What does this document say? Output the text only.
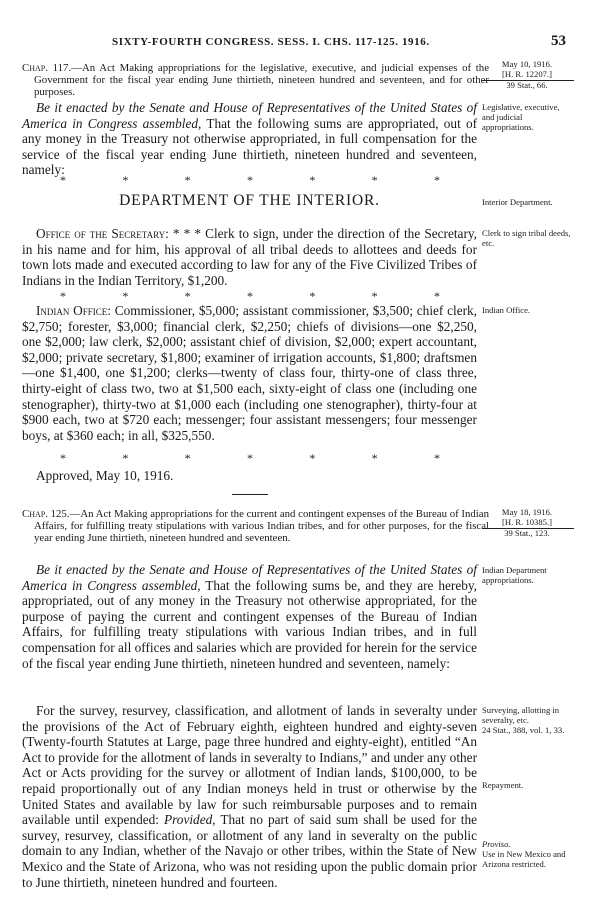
SIXTY-FOURTH CONGRESS. SESS. I. CHS. 117-125. 1916.	53
Chap. 117.—An Act Making appropriations for the legislative, executive, and judicial expenses of the Government for the fiscal year ending June thirtieth, nineteen hundred and seventeen, and for other purposes.
May 10, 1916.
[H. R. 12207.]
39 Stat., 66.
Be it enacted by the Senate and House of Representatives of the United States of America in Congress assembled, That the following sums are appropriated, out of any money in the Treasury not otherwise appropriated, in full compensation for the service of the fiscal year ending June thirtieth, nineteen hundred and seventeen, namely:
Legislative, executive, and judicial appropriations.
*	*	*	*	*	*	*
DEPARTMENT OF THE INTERIOR.	Interior Department.
Office of the Secretary: * * * Clerk to sign, under the direction of the Secretary, in his name and for him, his approval of all tribal deeds to allottees and deeds for town lots made and executed according to law for any of the Five Civilized Tribes of Indians in the Indian Territory, $1,200.
Clerk to sign tribal deeds, etc.
*	*	*	*	*	*	*
Indian Office: Commissioner, $5,000; assistant commissioner, $3,500; chief clerk, $2,750; forester, $3,000; financial clerk, $2,250; chiefs of divisions—one $2,250, one $2,000; law clerk, $2,000; assistant chief of division, $2,000; expert accountant, $2,000; private secretary, $1,800; examiner of irrigation accounts, $1,800; draftsmen—one $1,400, one $1,200; clerks—twenty of class four, thirty-one of class three, thirty-eight of class two, two at $1,500 each, sixty-eight of class one (including one stenographer), thirty-two at $1,000 each (including one stenographer), thirty-four at $900 each, two at $720 each; messenger; four assistant messengers; four messenger boys, at $360 each; in all, $325,550.
Indian Office.
*	*	*	*	*	*	*
Approved, May 10, 1916.
Chap. 125.—An Act Making appropriations for the current and contingent expenses of the Bureau of Indian Affairs, for fulfilling treaty stipulations with various Indian tribes, and for other purposes, for the fiscal year ending June thirtieth, nineteen hundred and seventeen.
May 18, 1916.
[H. R. 10385.]
39 Stat., 123.
Be it enacted by the Senate and House of Representatives of the United States of America in Congress assembled, That the following sums be, and they are hereby, appropriated, out of any money in the Treasury not otherwise appropriated, for the purpose of paying the current and contingent expenses of the Bureau of Indian Affairs, for fulfilling treaty stipulations with various Indian tribes, and in full compensation for all offices and salaries which are provided for herein for the service of the fiscal year ending June thirtieth, nineteen hundred and seventeen, namely:
Indian Department appropriations.
For the survey, resurvey, classification, and allotment of lands in severalty under the provisions of the Act of February eighth, eighteen hundred and eighty-seven (Twenty-fourth Statutes at Large, page three hundred and eighty-eight), entitled “An Act to provide for the allotment of lands in severalty to Indians,” and under any other Act or Acts providing for the survey or allotment of Indian lands, $100,000, to be repaid proportionally out of any Indian moneys held in trust or otherwise by the United States and available by law for such reimbursable purposes and to remain available until expended: Provided, That no part of said sum shall be used for the survey, resurvey, classification, or allotment of any land in severalty on the public domain to any Indian, whether of the Navajo or other tribes, within the State of New Mexico and the State of Arizona, who was not residing upon the public domain prior to June thirtieth, nineteen hundred and fourteen.
Surveying, allotting in severalty, etc.
24 Stat., 388, vol. 1, 33.
Repayment.
Proviso.
Use in New Mexico and Arizona restricted.
